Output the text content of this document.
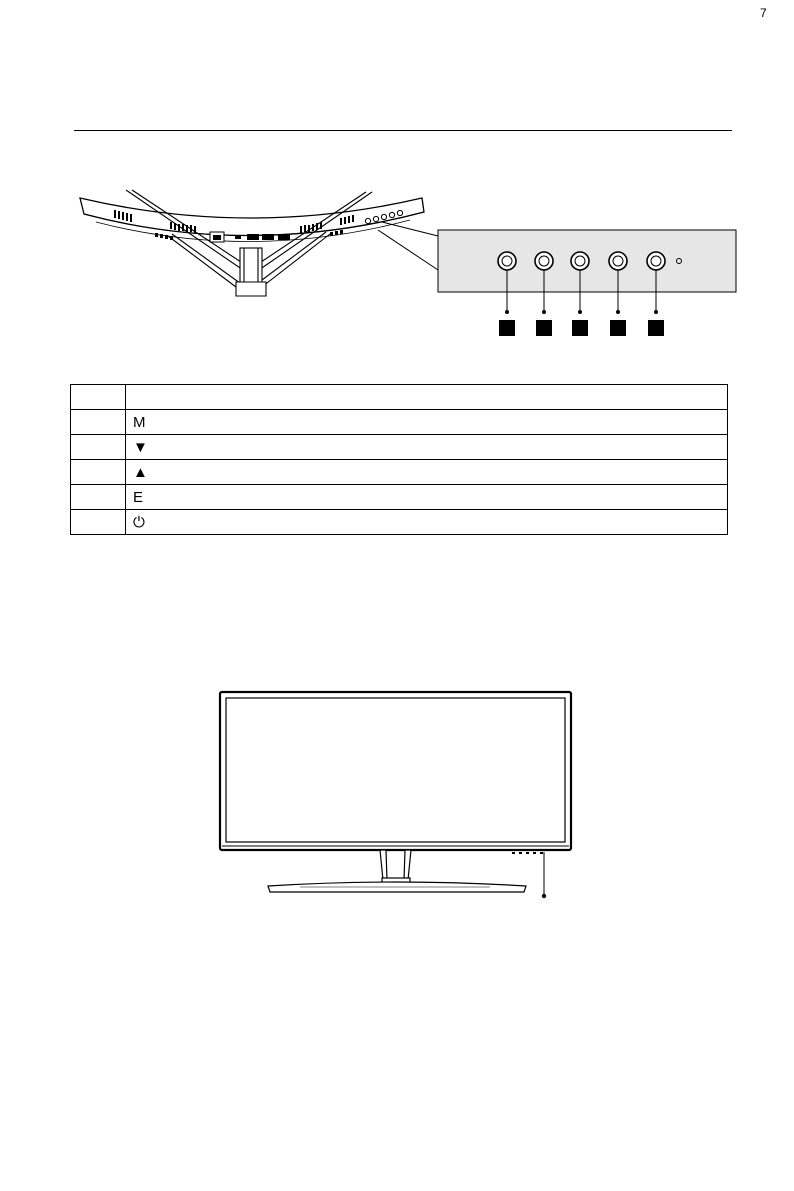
7

	M
	▼
	▲
	E
	⏻
